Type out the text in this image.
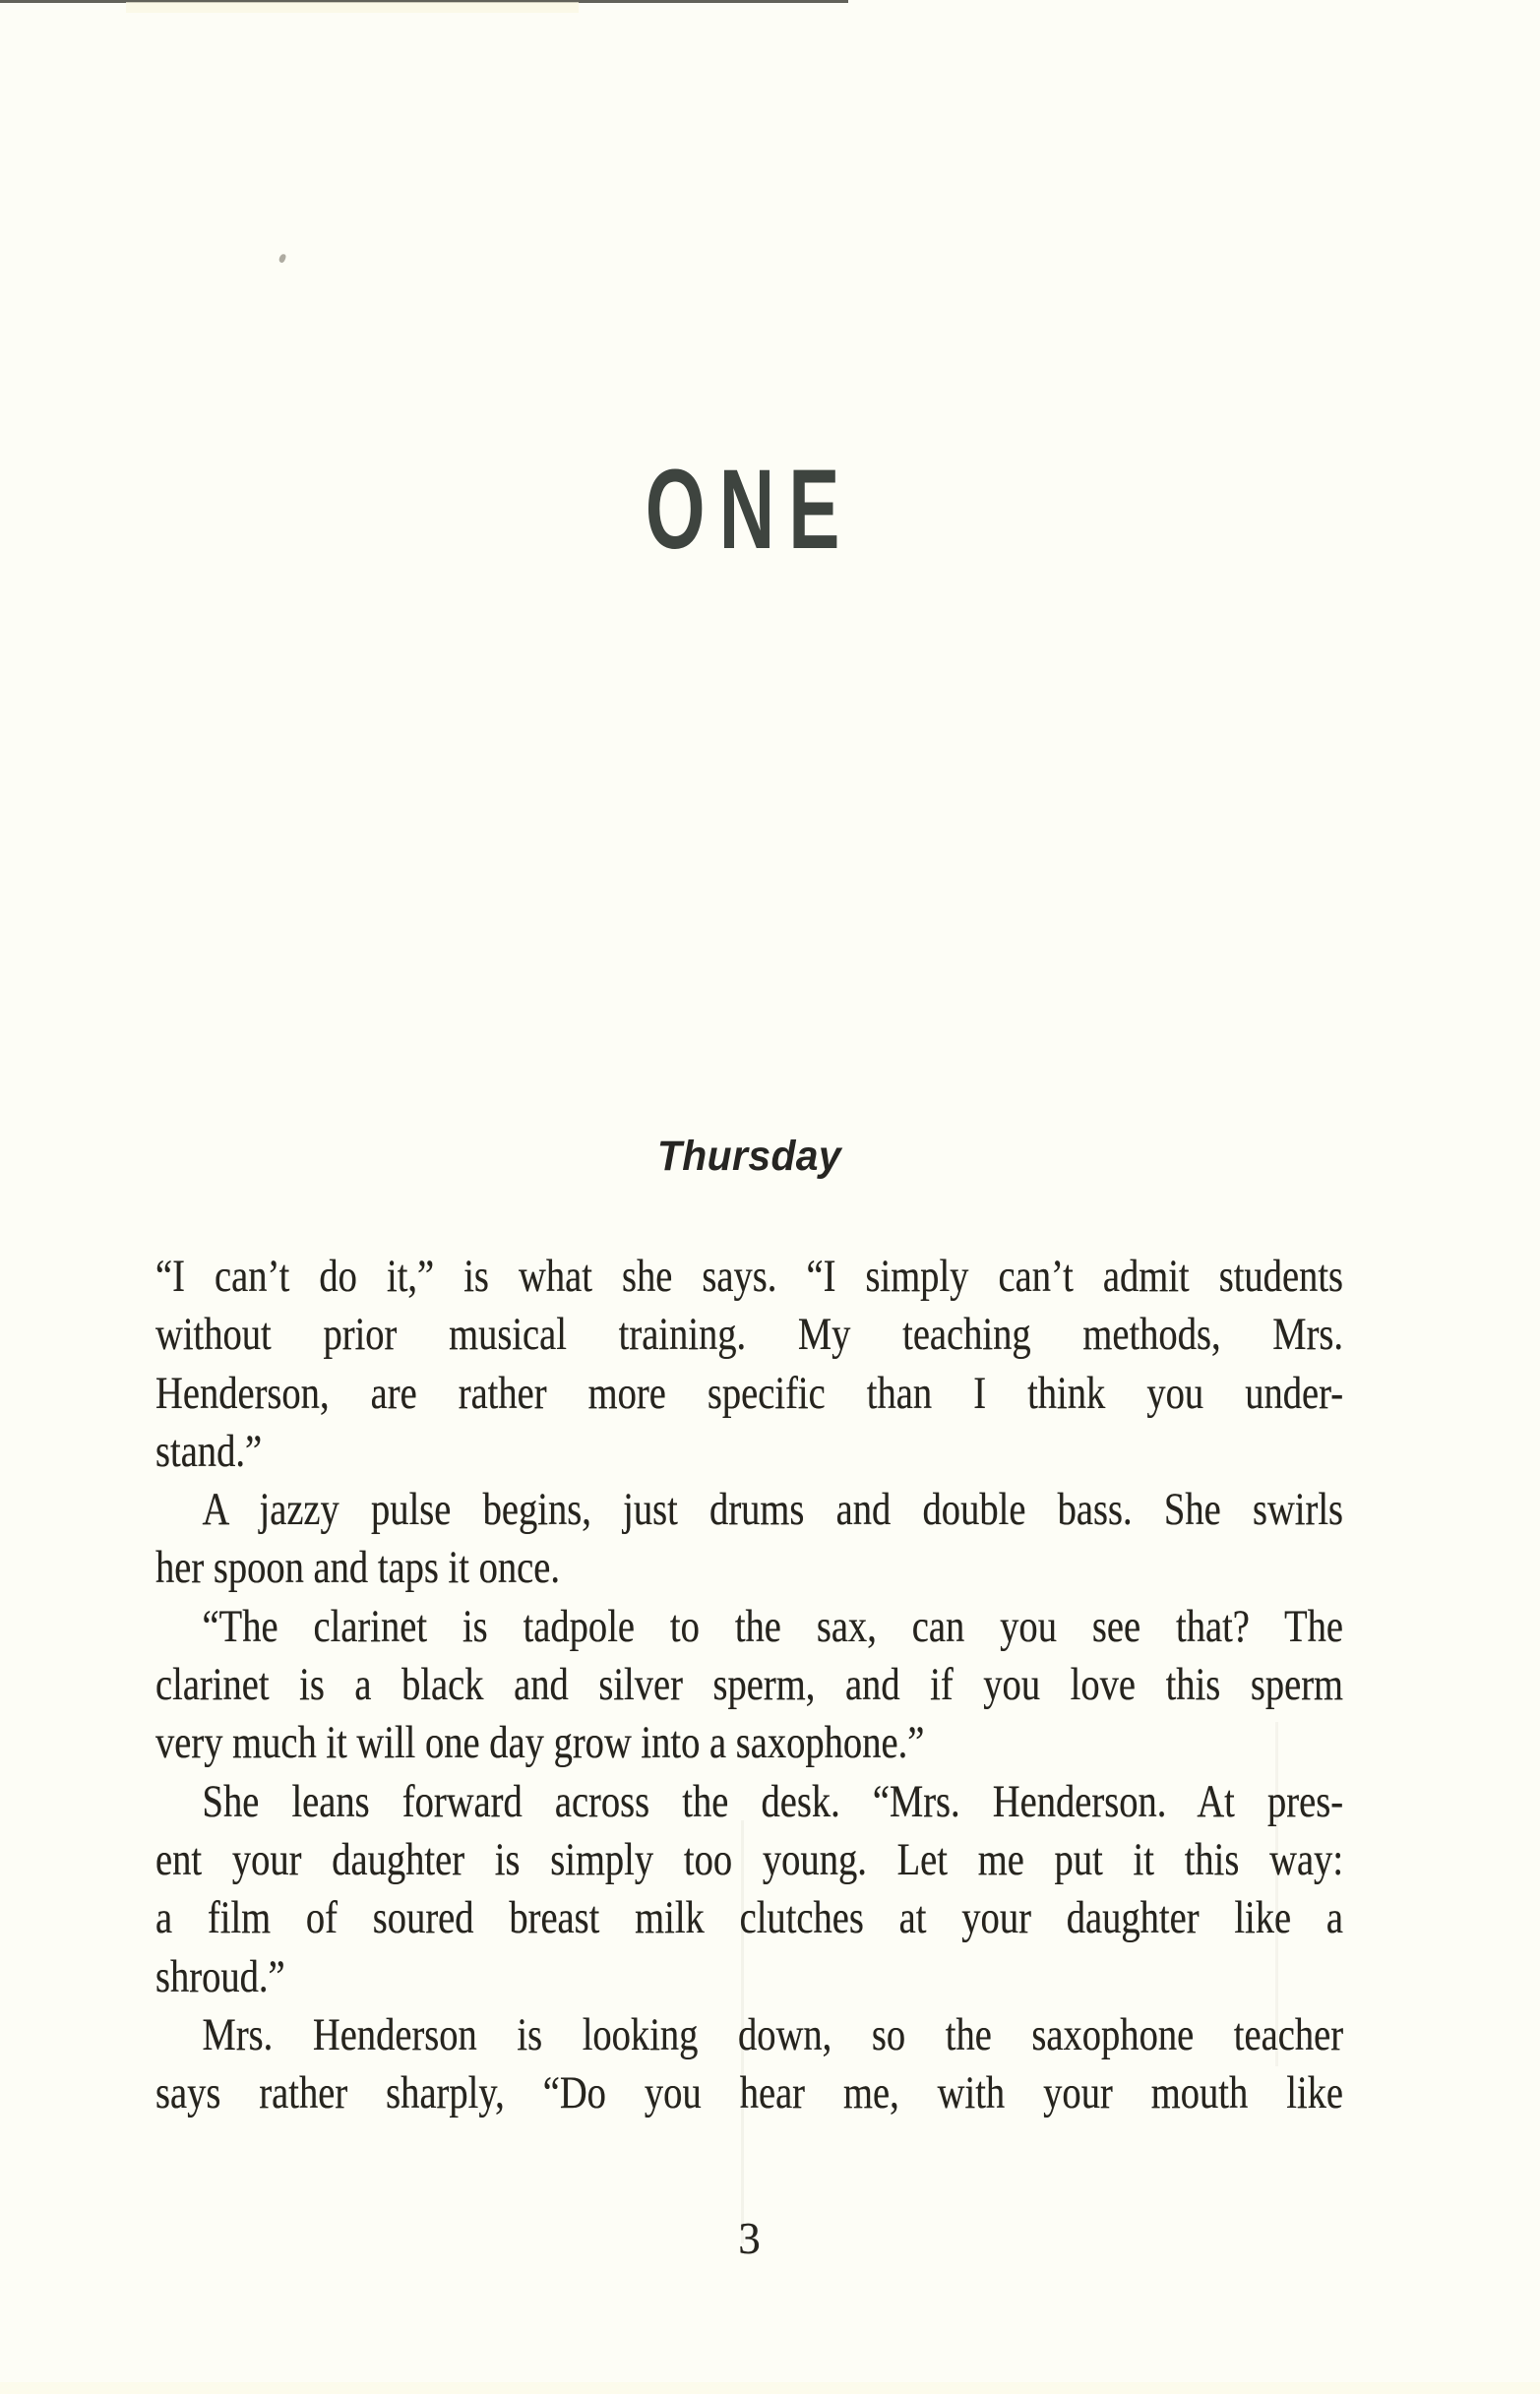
ONE
Thursday
“I can’t do it,” is what she says. “I simply can’t admit students
without prior musical training. My teaching methods, Mrs.
Henderson, are rather more specific than I think you under-
stand.”
A jazzy pulse begins, just drums and double bass. She swirls
her spoon and taps it once.
“The clarinet is tadpole to the sax, can you see that? The
clarinet is a black and silver sperm, and if you love this sperm
very much it will one day grow into a saxophone.”
She leans forward across the desk. “Mrs. Henderson. At pres-
ent your daughter is simply too young. Let me put it this way:
a film of soured breast milk clutches at your daughter like a
shroud.”
Mrs. Henderson is looking down, so the saxophone teacher
says rather sharply, “Do you hear me, with your mouth like
3
